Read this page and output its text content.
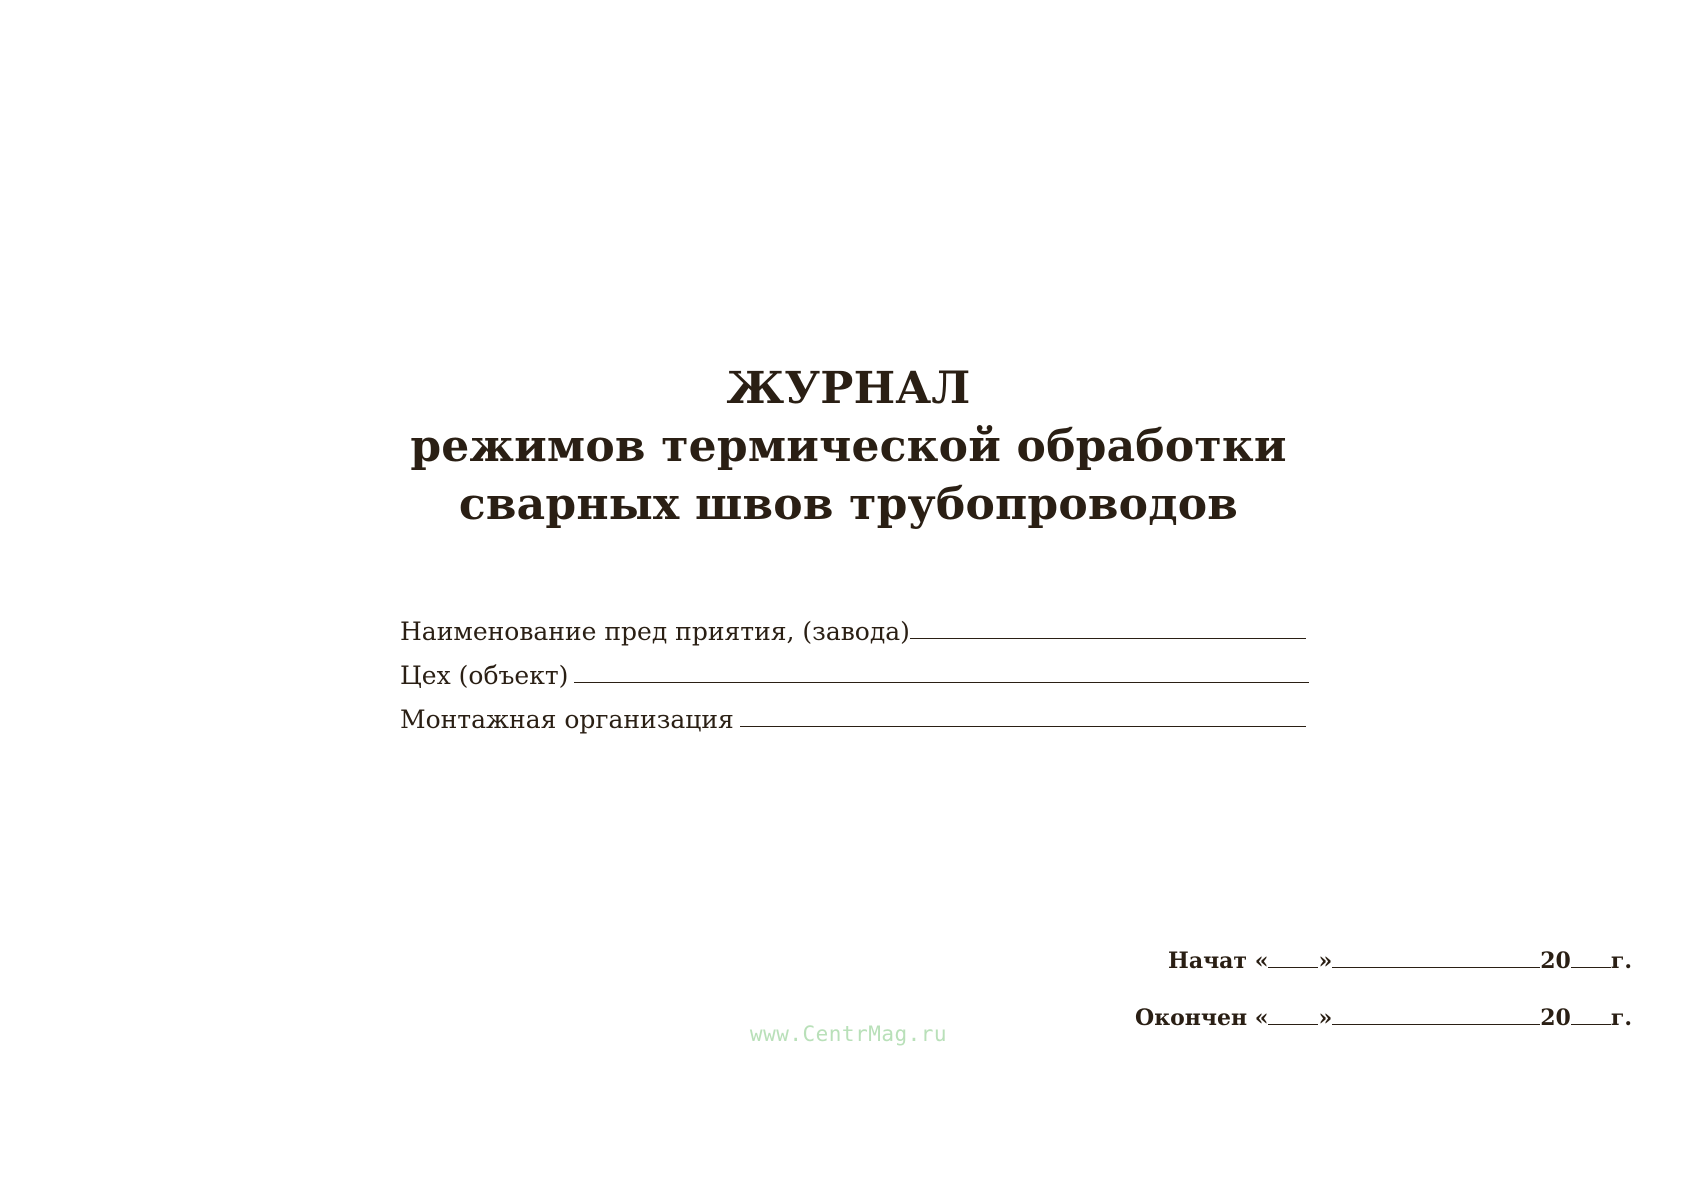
ЖУРНАЛ
режимов термической обработки
сварных швов трубопроводов
Наименование пред приятия, (завода)
Цех (объект)
Монтажная организация
Начат « »	20 г.
Окончен « »	20 г.
www.CentrMag.ru
